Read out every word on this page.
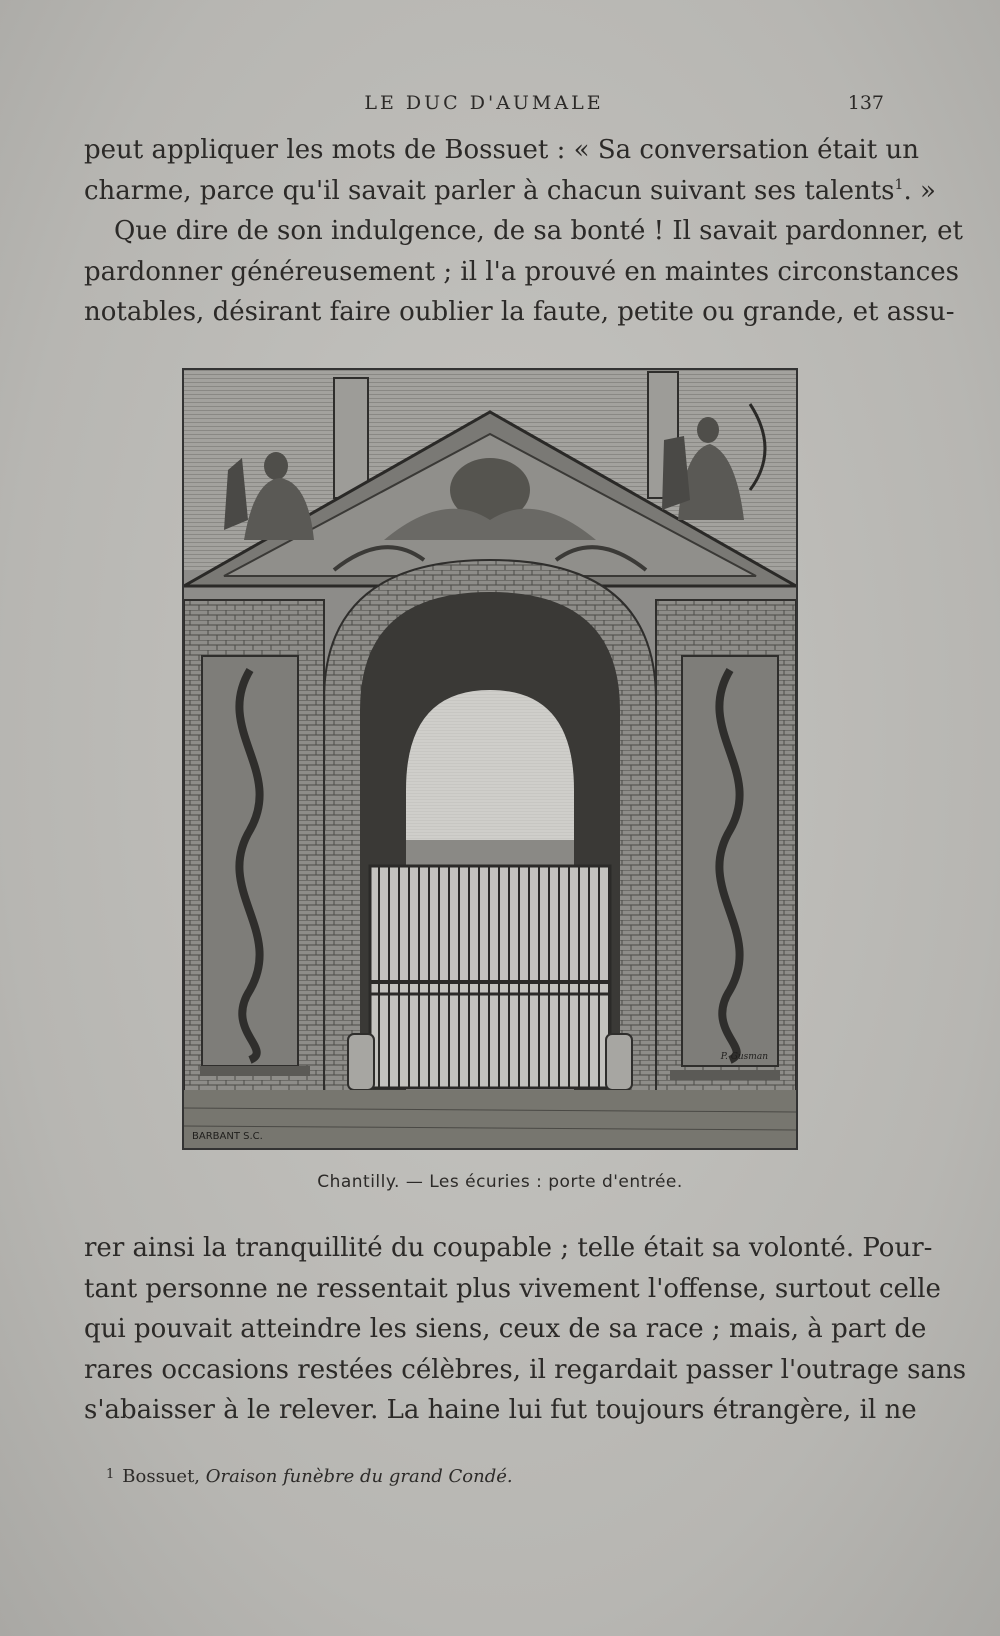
LE DUC D'AUMALE	137
peut appliquer les mots de Bossuet : « Sa conversation était un
charme, parce qu'il savait parler à chacun suivant ses talents$^1$. »
Que dire de son indulgence, de sa bonté ! Il savait pardonner, et
pardonner généreusement ; il l'a prouvé en maintes circonstances
notables, désirant faire oublier la faute, petite ou grande, et assu-
BARBANT S.C.
P. Gusman
Chantilly. — Les écuries : porte d'entrée.
rer ainsi la tranquillité du coupable ; telle était sa volonté. Pour-
tant personne ne ressentait plus vivement l'offense, surtout celle
qui pouvait atteindre les siens, ceux de sa race ; mais, à part de
rares occasions restées célèbres, il regardait passer l'outrage sans
s'abaisser à le relever. La haine lui fut toujours étrangère, il ne
$^1$ Bossuet, Oraison funèbre du grand Condé.
